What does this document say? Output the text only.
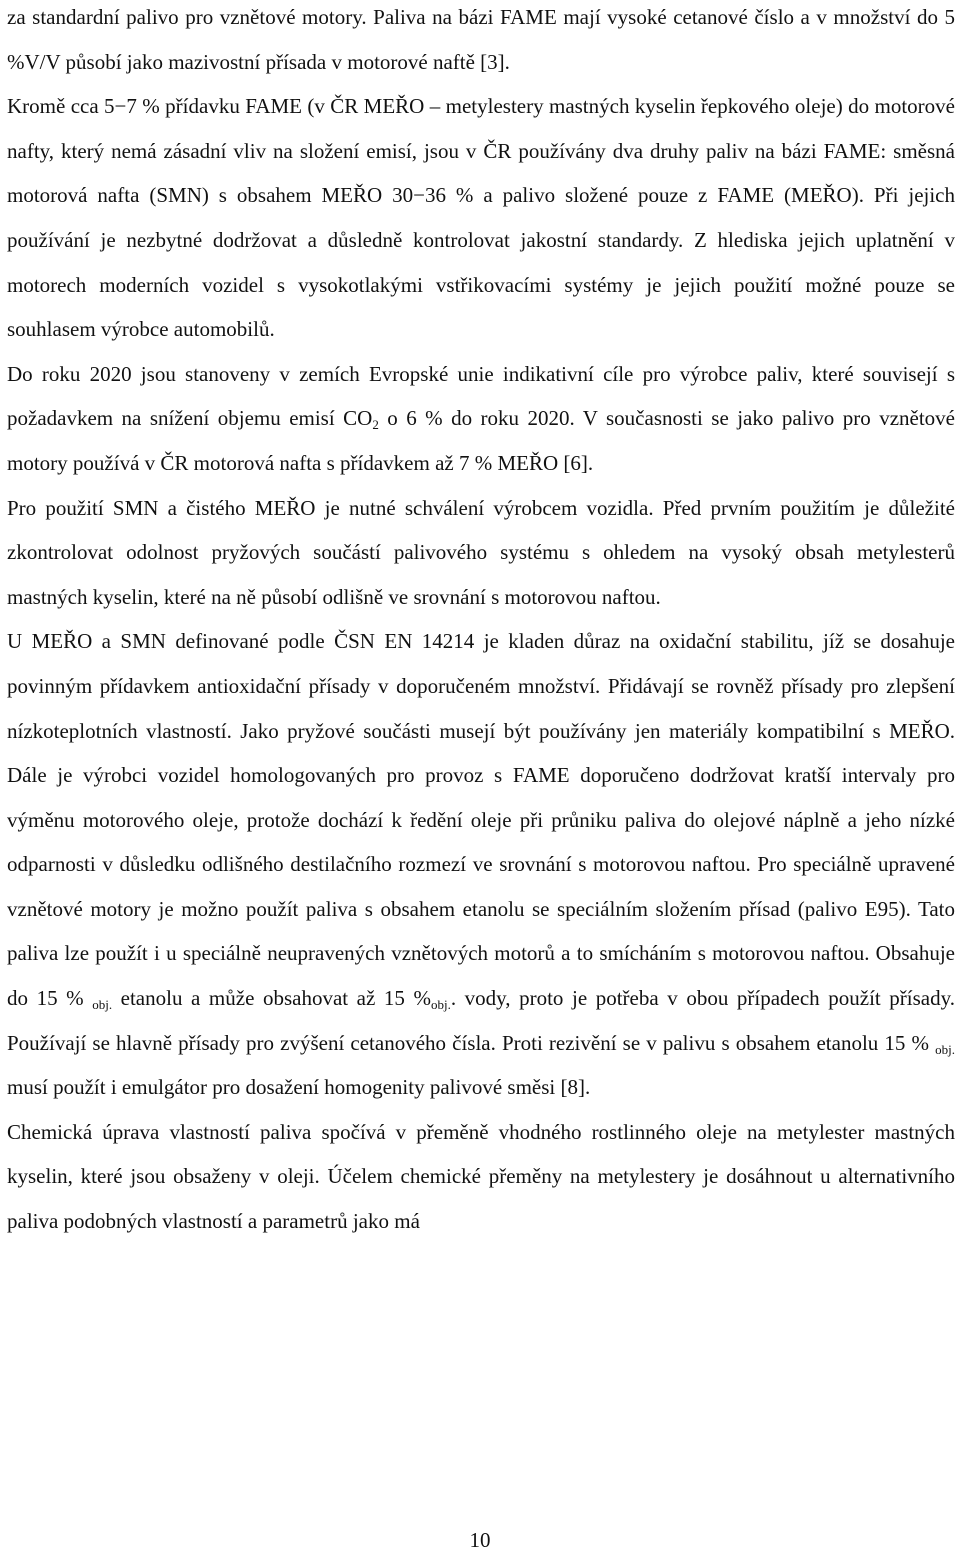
za standardní palivo pro vznětové motory. Paliva na bázi FAME mají vysoké cetanové číslo a v množství do 5 %V/V působí jako mazivostní přísada v motorové naftě [3].

Kromě cca 5−7 % přídavku FAME (v ČR MEŘO – metylestery mastných kyselin řepkového oleje) do motorové nafty, který nemá zásadní vliv na složení emisí, jsou v ČR používány dva druhy paliv na bázi FAME: směsná motorová nafta (SMN) s obsahem MEŘO 30−36 % a palivo složené pouze z FAME (MEŘO). Při jejich používání je nezbytné dodržovat a důsledně kontrolovat jakostní standardy. Z hlediska jejich uplatnění v motorech moderních vozidel s vysokotlakými vstřikovacími systémy je jejich použití možné pouze se souhlasem výrobce automobilů.

Do roku 2020 jsou stanoveny v zemích Evropské unie indikativní cíle pro výrobce paliv, které souvisejí s požadavkem na snížení objemu emisí $CO_2$ o 6 % do roku 2020. V současnosti se jako palivo pro vznětové motory používá v ČR motorová nafta s přídavkem až 7 % MEŘO [6].

Pro použití SMN a čistého MEŘO je nutné schválení výrobcem vozidla. Před prvním použitím je důležité zkontrolovat odolnost pryžových součástí palivového systému s ohledem na vysoký obsah metylesterů mastných kyselin, které na ně působí odlišně ve srovnání s motorovou naftou.

U MEŘO a SMN definované podle ČSN EN 14214 je kladen důraz na oxidační stabilitu, jíž se dosahuje povinným přídavkem antioxidační přísady v doporučeném množství. Přidávají se rovněž přísady pro zlepšení nízkoteplotních vlastností. Jako pryžové součásti musejí být používány jen materiály kompatibilní s MEŘO. Dále je výrobci vozidel homologovaných pro provoz s FAME doporučeno dodržovat kratší intervaly pro výměnu motorového oleje, protože dochází k ředění oleje při průniku paliva do olejové náplně a jeho nízké odparnosti v důsledku odlišného destilačního rozmezí ve srovnání s motorovou naftou. Pro speciálně upravené vznětové motory je možno použít paliva s obsahem etanolu se speciálním složením přísad (palivo E95). Tato paliva lze použít i u speciálně neupravených vznětových motorů a to smícháním s motorovou naftou. Obsahuje do 15 % $_{obj.}$ etanolu a může obsahovat až 15 $\%_{obj.}$. vody, proto je potřeba v obou případech použít přísady. Používají se hlavně přísady pro zvýšení cetanového čísla. Proti rezivění se v palivu s obsahem etanolu 15 % $_{obj.}$ musí použít i emulgátor pro dosažení homogenity palivové směsi [8].

Chemická úprava vlastností paliva spočívá v přeměně vhodného rostlinného oleje na metylester mastných kyselin, které jsou obsaženy v oleji. Účelem chemické přeměny na metylestery je dosáhnout u alternativního paliva podobných vlastností a parametrů jako má

10
